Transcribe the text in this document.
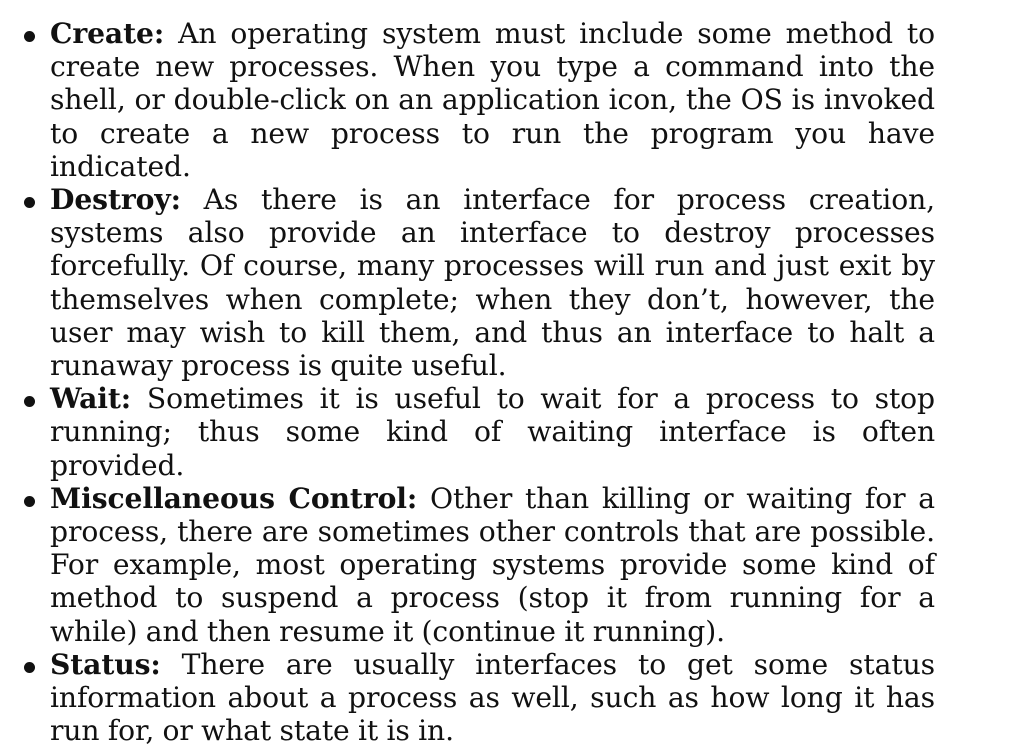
Create: An operating system must include some method to create new processes. When you type a command into the shell, or double-click on an application icon, the OS is invoked to create a new process to run the program you have indicated.
Destroy: As there is an interface for process creation, systems also provide an interface to destroy processes forcefully. Of course, many processes will run and just exit by themselves when complete; when they don’t, however, the user may wish to kill them, and thus an interface to halt a runaway process is quite useful.
Wait: Sometimes it is useful to wait for a process to stop running; thus some kind of waiting interface is often provided.
Miscellaneous Control: Other than killing or waiting for a process, there are sometimes other controls that are possible. For example, most operating systems provide some kind of method to suspend a process (stop it from running for a while) and then resume it (continue it running).
Status: There are usually interfaces to get some status information about a process as well, such as how long it has run for, or what state it is in.
